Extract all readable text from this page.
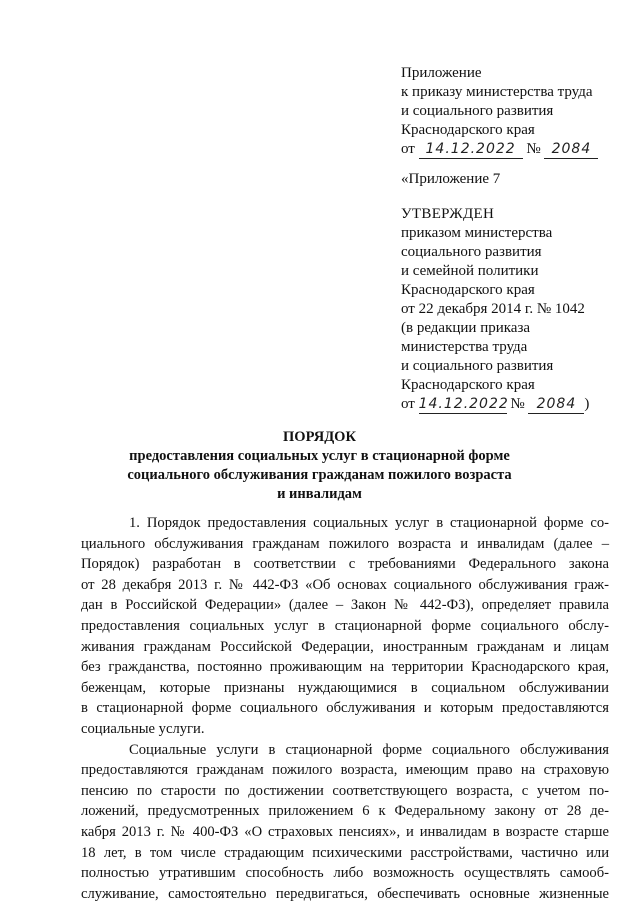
Приложение
к приказу министерства труда
и социального развития
Краснодарского края
от 14.12.2022 № 2084
«Приложение 7
УТВЕРЖДЕН
приказом министерства
социального развития
и семейной политики
Краснодарского края
от 22 декабря 2014 г. № 1042
(в редакции приказа
министерства труда
и социального развития
Краснодарского края
от 14.12.2022 № 2084 )
ПОРЯДОК
предоставления социальных услуг в стационарной форме
социального обслуживания гражданам пожилого возраста
и инвалидам
1. Порядок предоставления социальных услуг в стационарной форме со-
циального обслуживания гражданам пожилого возраста и инвалидам (далее –
Порядок) разработан в соответствии с требованиями Федерального закона
от 28 декабря 2013 г. № 442-ФЗ «Об основах социального обслуживания граж-
дан в Российской Федерации» (далее – Закон № 442-ФЗ), определяет правила
предоставления социальных услуг в стационарной форме социального обслу-
живания гражданам Российской Федерации, иностранным гражданам и лицам
без гражданства, постоянно проживающим на территории Краснодарского края,
беженцам, которые признаны нуждающимися в социальном обслуживании
в стационарной форме социального обслуживания и которым предоставляются
социальные услуги.
Социальные услуги в стационарной форме социального обслуживания
предоставляются гражданам пожилого возраста, имеющим право на страховую
пенсию по старости по достижении соответствующего возраста, с учетом по-
ложений, предусмотренных приложением 6 к Федеральному закону от 28 де-
кабря 2013 г. № 400-ФЗ «О страховых пенсиях», и инвалидам в возрасте старше
18 лет, в том числе страдающим психическими расстройствами, частично или
полностью утратившим способность либо возможность осуществлять самооб-
служивание, самостоятельно передвигаться, обеспечивать основные жизненные
